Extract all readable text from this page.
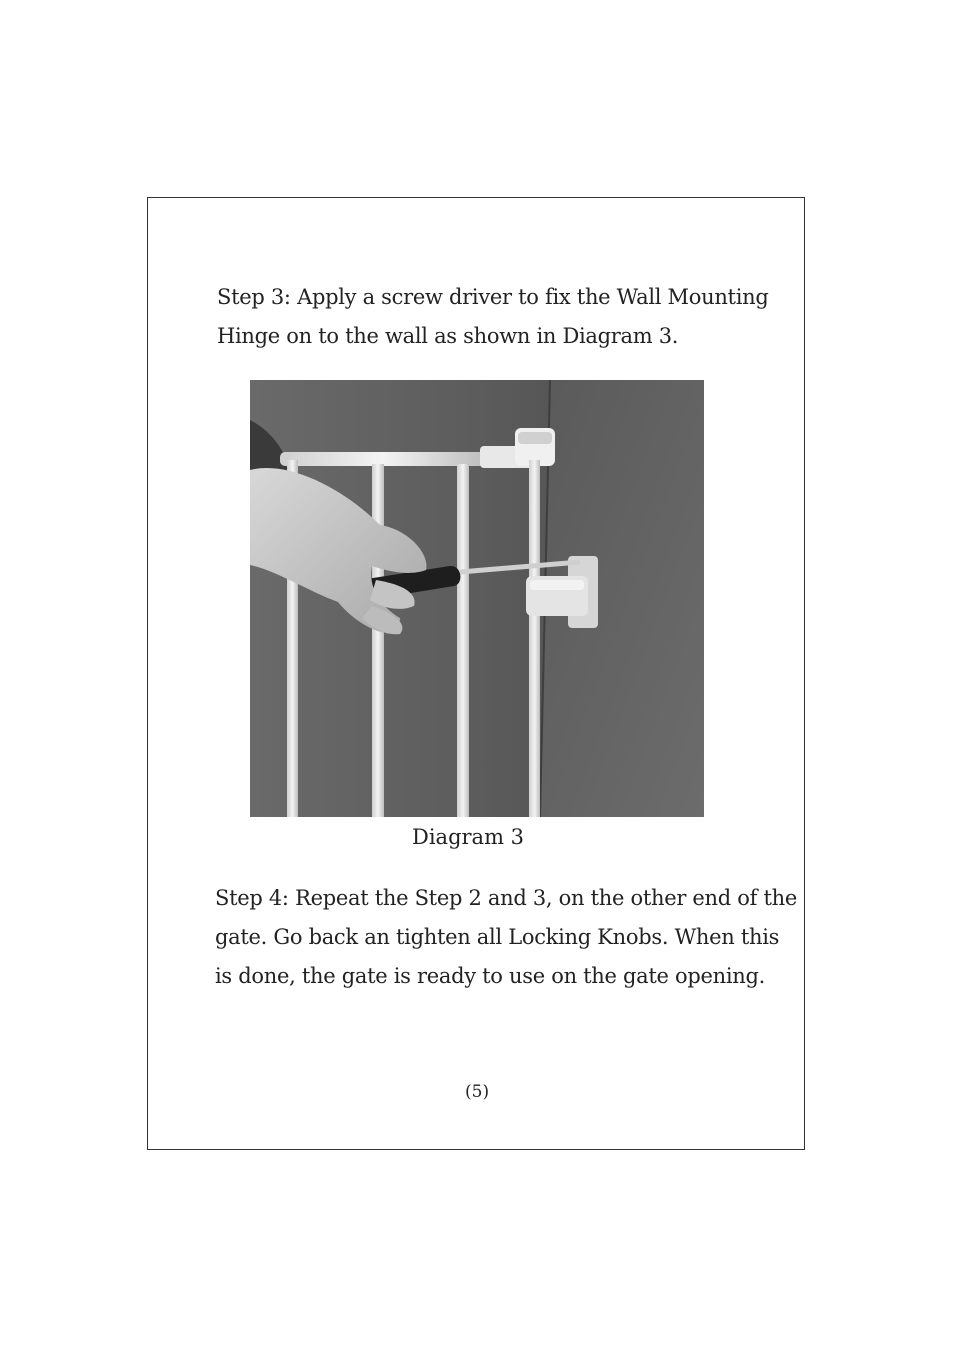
Step 3: Apply a screw driver to fix the Wall Mounting
Hinge on to the wall as shown in Diagram 3.

Diagram 3

Step 4: Repeat the Step 2 and 3, on the other end of the
gate. Go back an tighten all Locking Knobs. When this
is done, the gate is ready to use on the gate opening.

(5)
